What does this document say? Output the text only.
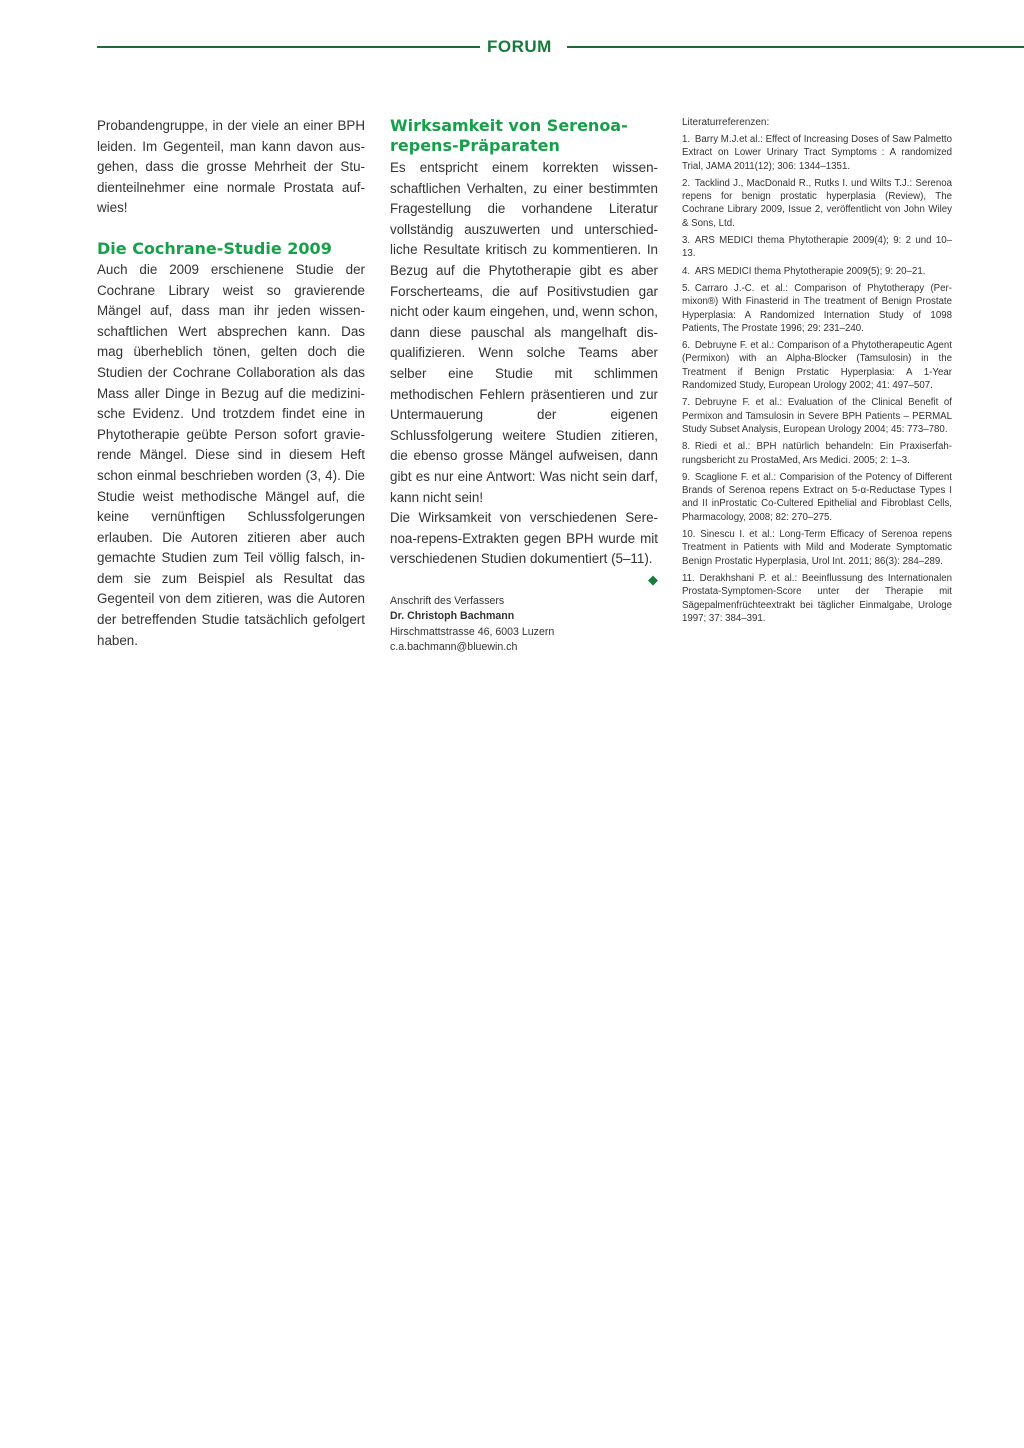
FORUM

Probandengruppe, in der viele an einer BPH leiden. Im Gegenteil, man kann davon ausgehen, dass die grosse Mehrheit der Studienteilnehmer eine normale Prostata aufwies!

Die Cochrane-Studie 2009

Auch die 2009 erschienene Studie der Cochrane Library weist so gravierende Mängel auf, dass man ihr jeden wissenschaftlichen Wert absprechen kann. Das mag überheblich tönen, gelten doch die Studien der Cochrane Collaboration als das Mass aller Dinge in Bezug auf die medizinische Evidenz. Und trotzdem findet eine in Phytotherapie geübte Person sofort gravierende Mängel. Diese sind in diesem Heft schon einmal beschrieben worden (3, 4). Die Studie weist methodische Mängel auf, die keine vernünftigen Schlussfolgerungen erlauben. Die Autoren zitieren aber auch gemachte Studien zum Teil völlig falsch, indem sie zum Beispiel als Resultat das Gegenteil von dem zitieren, was die Autoren der betreffenden Studie tatsächlich gefolgert haben.

Wirksamkeit von Serenoa-repens-Präparaten

Es entspricht einem korrekten wissenschaftlichen Verhalten, zu einer bestimmten Fragestellung die vorhandene Literatur vollständig auszuwerten und unterschiedliche Resultate kritisch zu kommentieren. In Bezug auf die Phytotherapie gibt es aber Forscherteams, die auf Positivstudien gar nicht oder kaum eingehen, und, wenn schon, dann diese pauschal als mangelhaft disqualifizieren. Wenn solche Teams aber selber eine Studie mit schlimmen methodischen Fehlern präsentieren und zur Untermauerung der eigenen Schlussfolgerung weitere Studien zitieren, die ebenso grosse Mängel aufweisen, dann gibt es nur eine Antwort: Was nicht sein darf, kann nicht sein!

Die Wirksamkeit von verschiedenen Serenoa-repens-Extrakten gegen BPH wurde mit verschiedenen Studien dokumentiert (5–11).
◆

Anschrift des Verfassers
Dr. Christoph Bachmann
Hirschmattstrasse 46, 6003 Luzern
c.a.bachmann@bluewin.ch
Literaturreferenzen:
1. Barry M.J.et al.: Effect of Increasing Doses of Saw Palmetto Extract on Lower Urinary Tract Symptoms : A randomized Trial, JAMA 2011(12); 306: 1344–1351.
2. Tacklind J., MacDonald R., Rutks I. und Wilts T.J.: Serenoa repens for benign prostatic hyperplasia (Review), The Cochrane Library 2009, Issue 2, veröffentlicht von John Wiley & Sons, Ltd.
3. ARS MEDICI thema Phytotherapie 2009(4); 9: 2 und 10–13.
4. ARS MEDICI thema Phytotherapie 2009(5); 9: 20–21.
5. Carraro J.-C. et al.: Comparison of Phytotherapy (Permixon®) With Finasterid in The treatment of Benign Prostate Hyperplasia: A Randomized Internation Study of 1098 Patients, The Prostate 1996; 29: 231–240.
6. Debruyne F. et al.: Comparison of a Phytotherapeutic Agent (Permixon) with an Alpha-Blocker (Tamsulosin) in the Treatment if Benign Prstatic Hyperplasia: A 1-Year Randomized Study, European Urology 2002; 41: 497–507.
7. Debruyne F. et al.: Evaluation of the Clinical Benefit of Permixon and Tamsulosin in Severe BPH Patients – PERMAL Study Subset Analysis, European Urology 2004; 45: 773–780.
8. Riedi et al.: BPH natürlich behandeln: Ein Praxiserfahrungsbericht zu ProstaMed, Ars Medici. 2005; 2: 1–3.
9. Scaglione F. et al.: Comparision of the Potency of Different Brands of Serenoa repens Extract on 5-α-Reductase Types I and II inProstatic Co-Cultered Epithelial and Fibroblast Cells, Pharmacology, 2008; 82: 270–275.
10. Sinescu I. et al.: Long-Term Efficacy of Serenoa repens Treatment in Patients with Mild and Moderate Symptomatic Benign Prostatic Hyperplasia, Urol Int. 2011; 86(3): 284–289.
11. Derakhshani P. et al.: Beeinflussung des Internationalen Prostata-Symptomen-Score unter der Therapie mit Sägepalmenfrüchteextrakt bei täglicher Einmalgabe, Urologe 1997; 37: 384–391.
